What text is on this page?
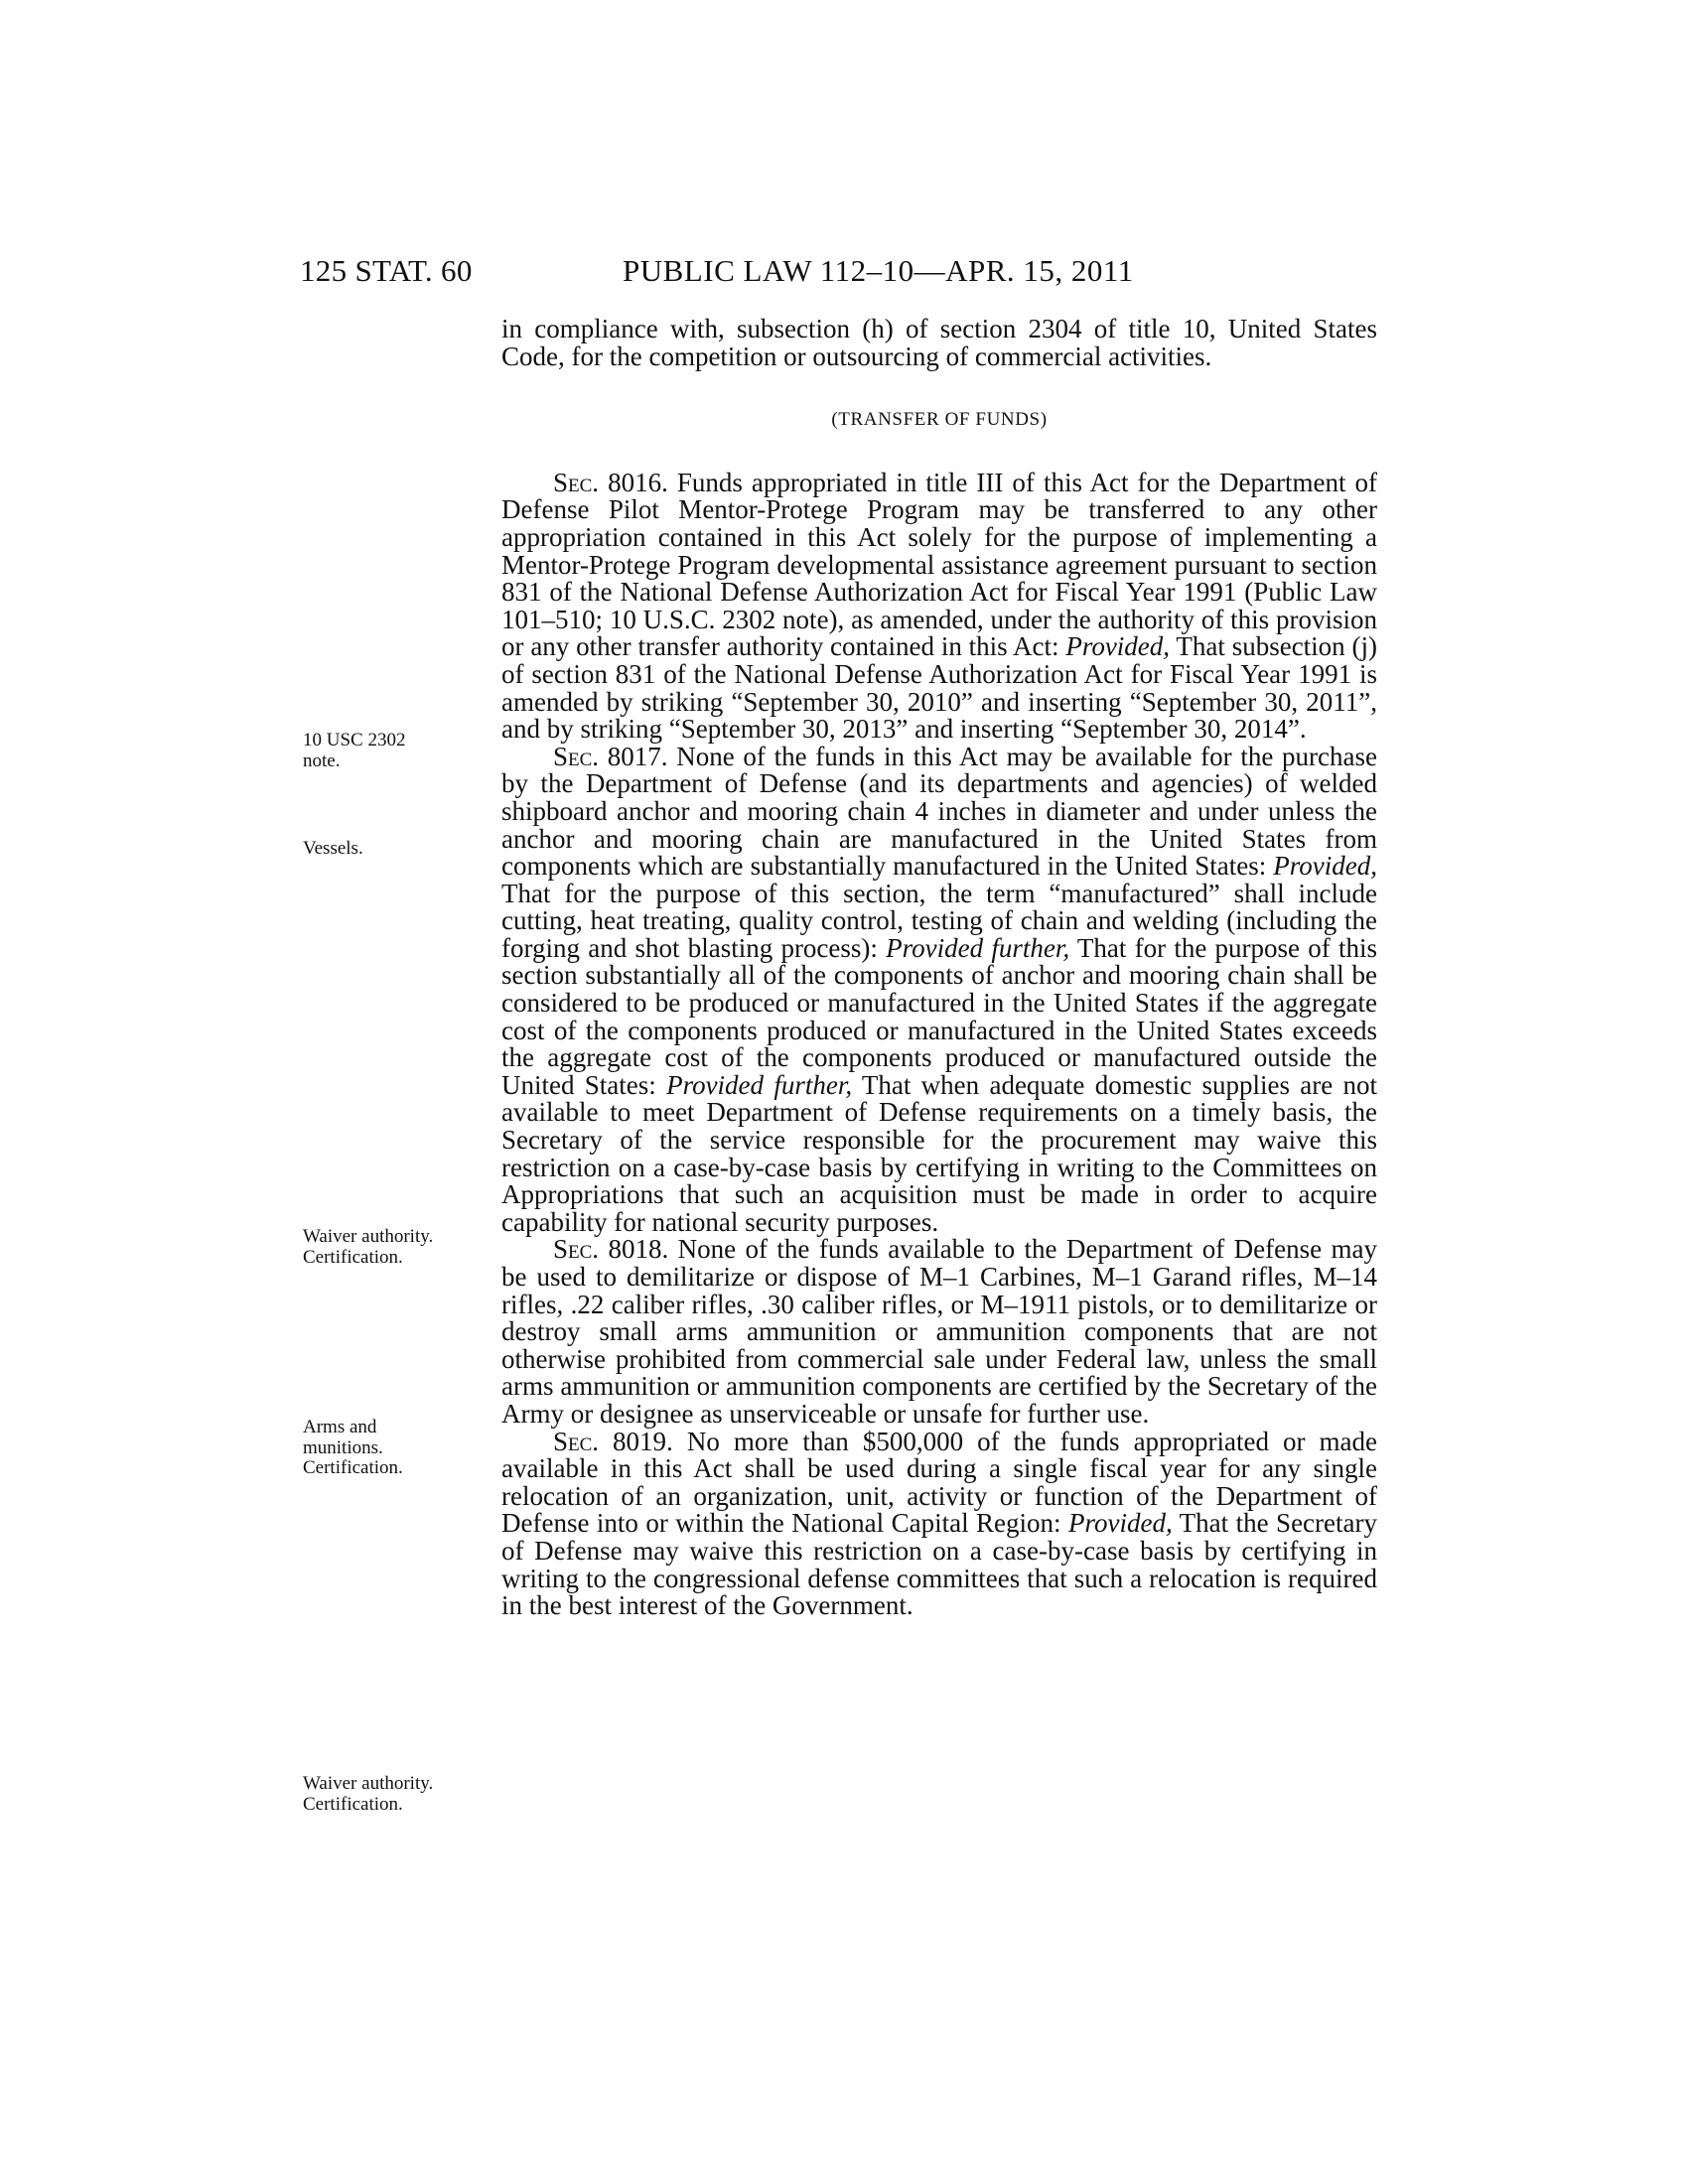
125 STAT. 60	PUBLIC LAW 112–10—APR. 15, 2011

in compliance with, subsection (h) of section 2304 of title 10, United States Code, for the competition or outsourcing of commercial activities.

(TRANSFER OF FUNDS)

Sec. 8016. Funds appropriated in title III of this Act for the Department of Defense Pilot Mentor-Protege Program may be transferred to any other appropriation contained in this Act solely for the purpose of implementing a Mentor-Protege Program developmental assistance agreement pursuant to section 831 of the National Defense Authorization Act for Fiscal Year 1991 (Public Law 101–510; 10 U.S.C. 2302 note), as amended, under the authority of this provision or any other transfer authority contained in this Act: Provided, That subsection (j) of section 831 of the National Defense Authorization Act for Fiscal Year 1991 is amended by striking “September 30, 2010” and inserting “September 30, 2011”, and by striking “September 30, 2013” and inserting “September 30, 2014”.

Sec. 8017. None of the funds in this Act may be available for the purchase by the Department of Defense (and its departments and agencies) of welded shipboard anchor and mooring chain 4 inches in diameter and under unless the anchor and mooring chain are manufactured in the United States from components which are substantially manufactured in the United States: Provided, That for the purpose of this section, the term “manufactured” shall include cutting, heat treating, quality control, testing of chain and welding (including the forging and shot blasting process): Provided further, That for the purpose of this section substantially all of the components of anchor and mooring chain shall be considered to be produced or manufactured in the United States if the aggregate cost of the components produced or manufactured in the United States exceeds the aggregate cost of the components produced or manufactured outside the United States: Provided further, That when adequate domestic supplies are not available to meet Department of Defense requirements on a timely basis, the Secretary of the service responsible for the procurement may waive this restriction on a case-by-case basis by certifying in writing to the Committees on Appropriations that such an acquisition must be made in order to acquire capability for national security purposes.

Sec. 8018. None of the funds available to the Department of Defense may be used to demilitarize or dispose of M–1 Carbines, M–1 Garand rifles, M–14 rifles, .22 caliber rifles, .30 caliber rifles, or M–1911 pistols, or to demilitarize or destroy small arms ammunition or ammunition components that are not otherwise prohibited from commercial sale under Federal law, unless the small arms ammunition or ammunition components are certified by the Secretary of the Army or designee as unserviceable or unsafe for further use.

Sec. 8019. No more than $500,000 of the funds appropriated or made available in this Act shall be used during a single fiscal year for any single relocation of an organization, unit, activity or function of the Department of Defense into or within the National Capital Region: Provided, That the Secretary of Defense may waive this restriction on a case-by-case basis by certifying in writing to the congressional defense committees that such a relocation is required in the best interest of the Government.

10 USC 2302
note.
Vessels.
Waiver authority.
Certification.
Arms and
munitions.
Certification.
Waiver authority.
Certification.
